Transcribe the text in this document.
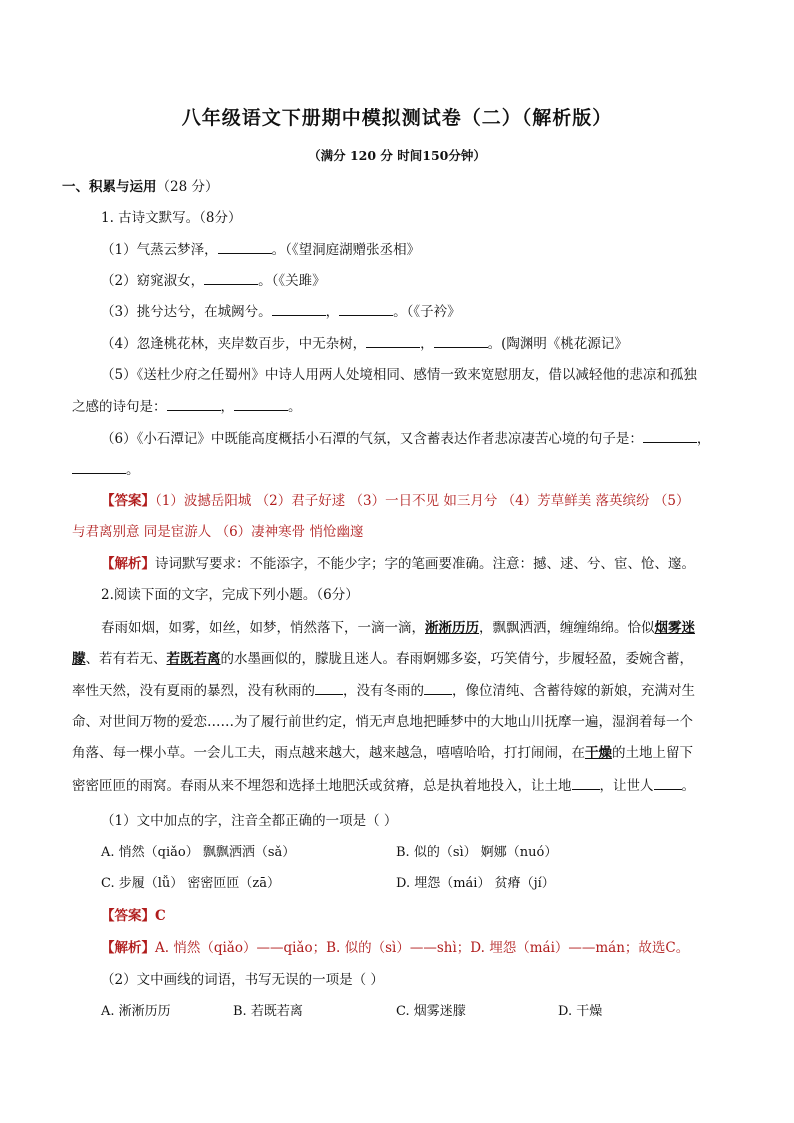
八年级语文下册期中模拟测试卷（二）（解析版）
（满分 120 分 时间150分钟）
一、积累与运用（28 分）
1. 古诗文默写。（8分）
（1）气蒸云梦泽，	。（《望洞庭湖赠张丞相》
（2）窈窕淑女，	。（《关雎》
（3）挑兮达兮，在城阙兮。	，	。（《子衿》
（4）忽逢桃花林，夹岸数百步，中无杂树，	，	。(陶渊明《桃花源记》
（5）《送杜少府之任蜀州》中诗人用两人处境相同、感情一致来宽慰朋友，借以减轻他的悲凉和孤独
之感的诗句是：	，	。
（6）《小石潭记》中既能高度概括小石潭的气氛，又含蓄表达作者悲凉凄苦心境的句子是：	，
。
【答案】（1）波撼岳阳城 （2）君子好逑 （3）一日不见 如三月兮 （4）芳草鲜美 落英缤纷 （5）
与君离别意 同是宦游人 （6）凄神寒骨 悄怆幽邃
【解析】诗词默写要求：不能添字，不能少字；字的笔画要准确。注意：撼、逑、兮、宦、怆、邃。
2.阅读下面的文字，完成下列小题。（6分）
春雨如烟，如雾，如丝，如梦，悄然落下，一滴一滴，淅淅历历，飘飘洒洒，缠缠绵绵。恰似烟雾迷
朦、若有若无、若既若离的水墨画似的，朦胧且迷人。春雨婀娜多姿，巧笑倩兮，步履轻盈，委婉含蓄，
率性天然，没有夏雨的暴烈，没有秋雨的 ，没有冬雨的 ，像位清纯、含蓄待嫁的新娘，充满对生
命、对世间万物的爱恋……为了履行前世约定，悄无声息地把睡梦中的大地山川抚摩一遍，湿润着每一个
角落、每一棵小草。一会儿工夫，雨点越来越大，越来越急，嘻嘻哈哈，打打闹闹，在干燥的土地上留下
密密匝匝的雨窝。春雨从来不埋怨和选择土地肥沃或贫瘠，总是执着地投入，让土地 ，让世人 。
（1）文中加点的字，注音全都正确的一项是（ ）
A. 悄然（qiǎo） 飘飘洒洒（sǎ）	B. 似的（sì） 婀娜（nuó）
C. 步履（lǚ） 密密匝匝（zā）	D. 埋怨（mái） 贫瘠（jí）
【答案】C
【解析】A. 悄然（qiǎo）——qiǎo；B. 似的（sì）——shì；D. 埋怨（mái）——mán；故选C。
（2）文中画线的词语，书写无误的一项是（ ）
A. 淅淅历历	B. 若既若离	C. 烟雾迷朦	D. 干燥
